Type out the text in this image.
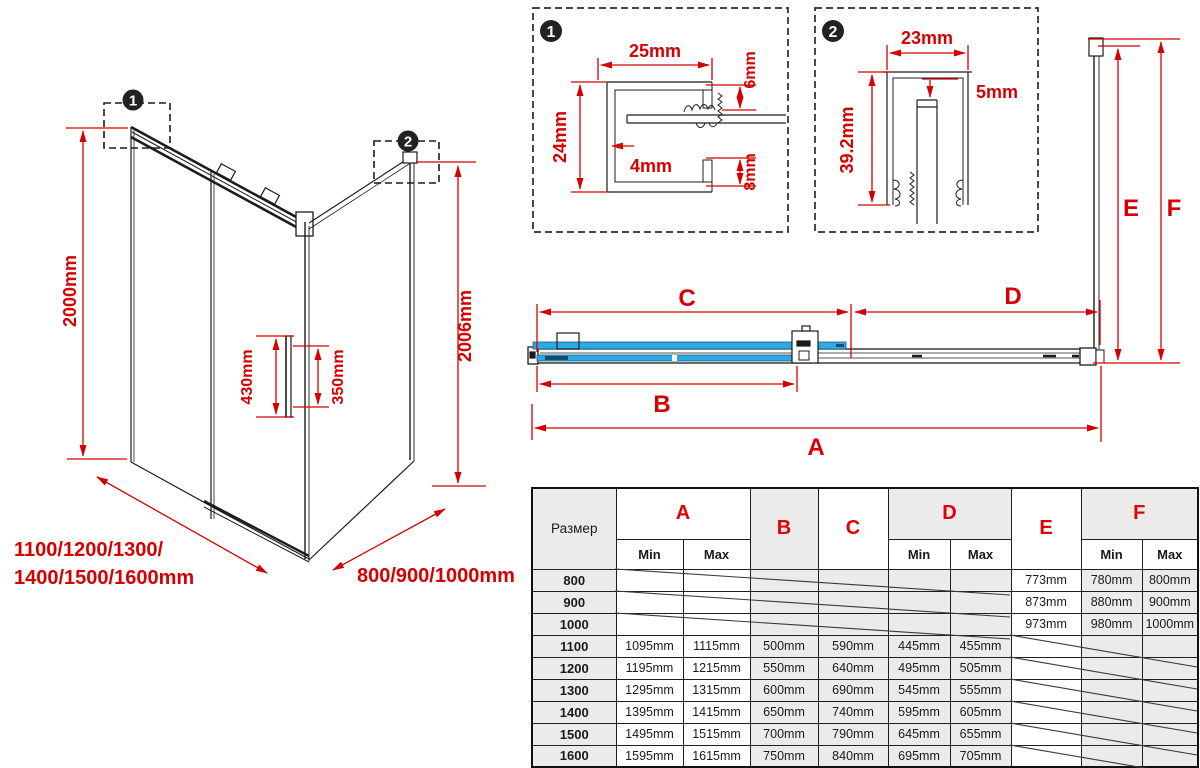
2000mm	2006mm
430mm	350mm
1100/1200/1300/
1400/1500/1600mm	800/900/1000mm
1
2
1
25mm
24mm
4mm
6mm
8mm
2	23mm
5mm
39.2mm
C	D
B
A
E F
Размер	A		B	C	D		E	F	
	Min	Max			Min	Max		Min	Max
800							773mm	780mm	800mm
900							873mm	880mm	900mm
1000							973mm	980mm	1000mm
1100	1095mm	1115mm	500mm	590mm	445mm	455mm			
1200	1195mm	1215mm	550mm	640mm	495mm	505mm			
1300	1295mm	1315mm	600mm	690mm	545mm	555mm			
1400	1395mm	1415mm	650mm	740mm	595mm	605mm			
1500	1495mm	1515mm	700mm	790mm	645mm	655mm			
1600	1595mm	1615mm	750mm	840mm	695mm	705mm			
